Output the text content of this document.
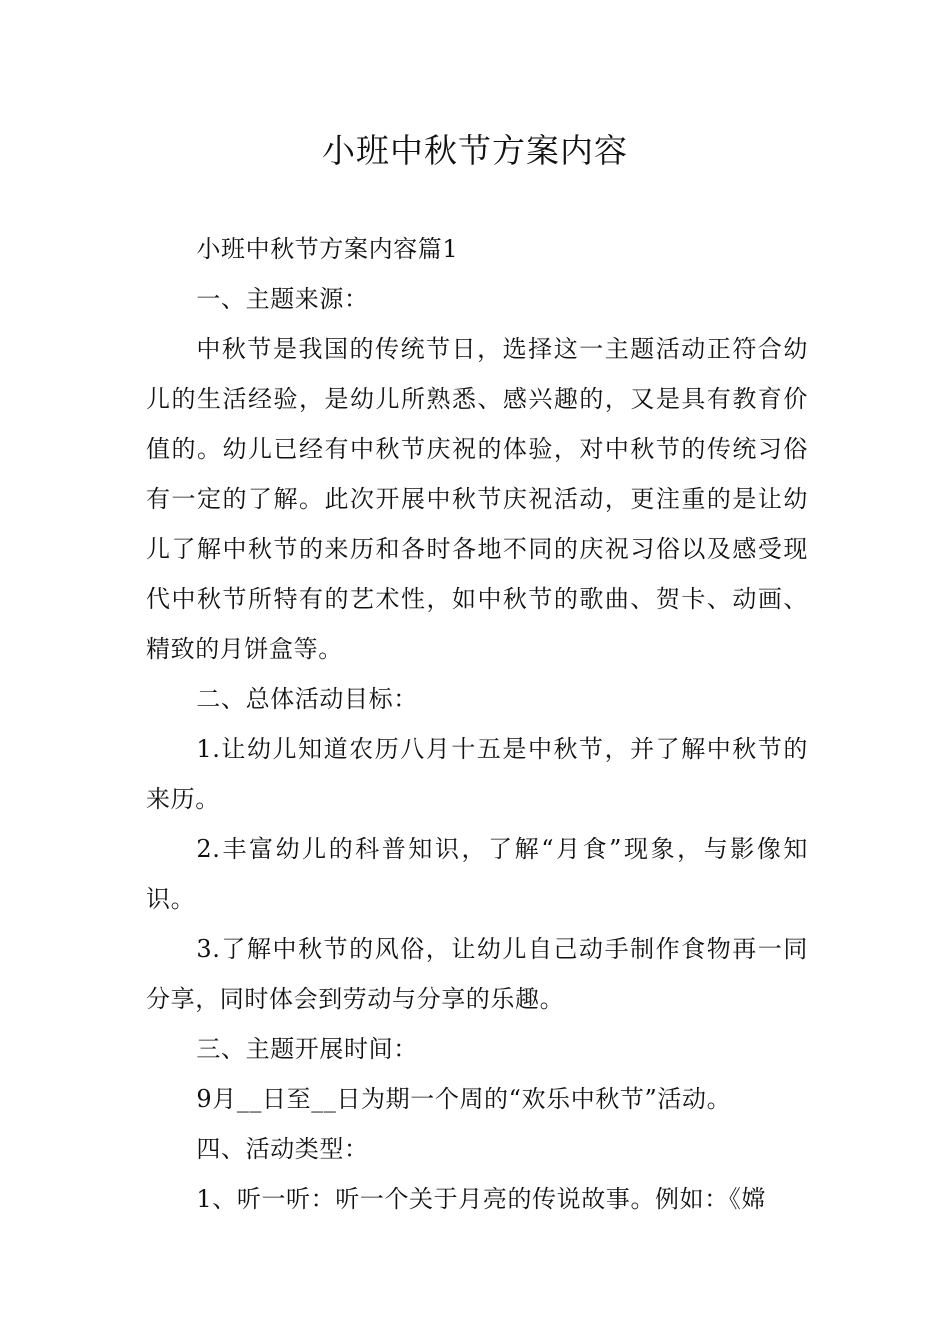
小班中秋节方案内容

小班中秋节方案内容篇1

一、主题来源：

中秋节是我国的传统节日，选择这一主题活动正符合幼儿的生活经验，是幼儿所熟悉、感兴趣的，又是具有教育价值的。幼儿已经有中秋节庆祝的体验，对中秋节的传统习俗有一定的了解。此次开展中秋节庆祝活动，更注重的是让幼儿了解中秋节的来历和各时各地不同的庆祝习俗以及感受现代中秋节所特有的艺术性，如中秋节的歌曲、贺卡、动画、精致的月饼盒等。

二、总体活动目标：

1.让幼儿知道农历八月十五是中秋节，并了解中秋节的来历。

2.丰富幼儿的科普知识，了解“月食”现象，与影像知识。

3.了解中秋节的风俗，让幼儿自己动手制作食物再一同分享，同时体会到劳动与分享的乐趣。

三、主题开展时间：

9月__日至__日为期一个周的“欢乐中秋节”活动。

四、活动类型：

1、听一听：听一个关于月亮的传说故事。例如：《嫦
